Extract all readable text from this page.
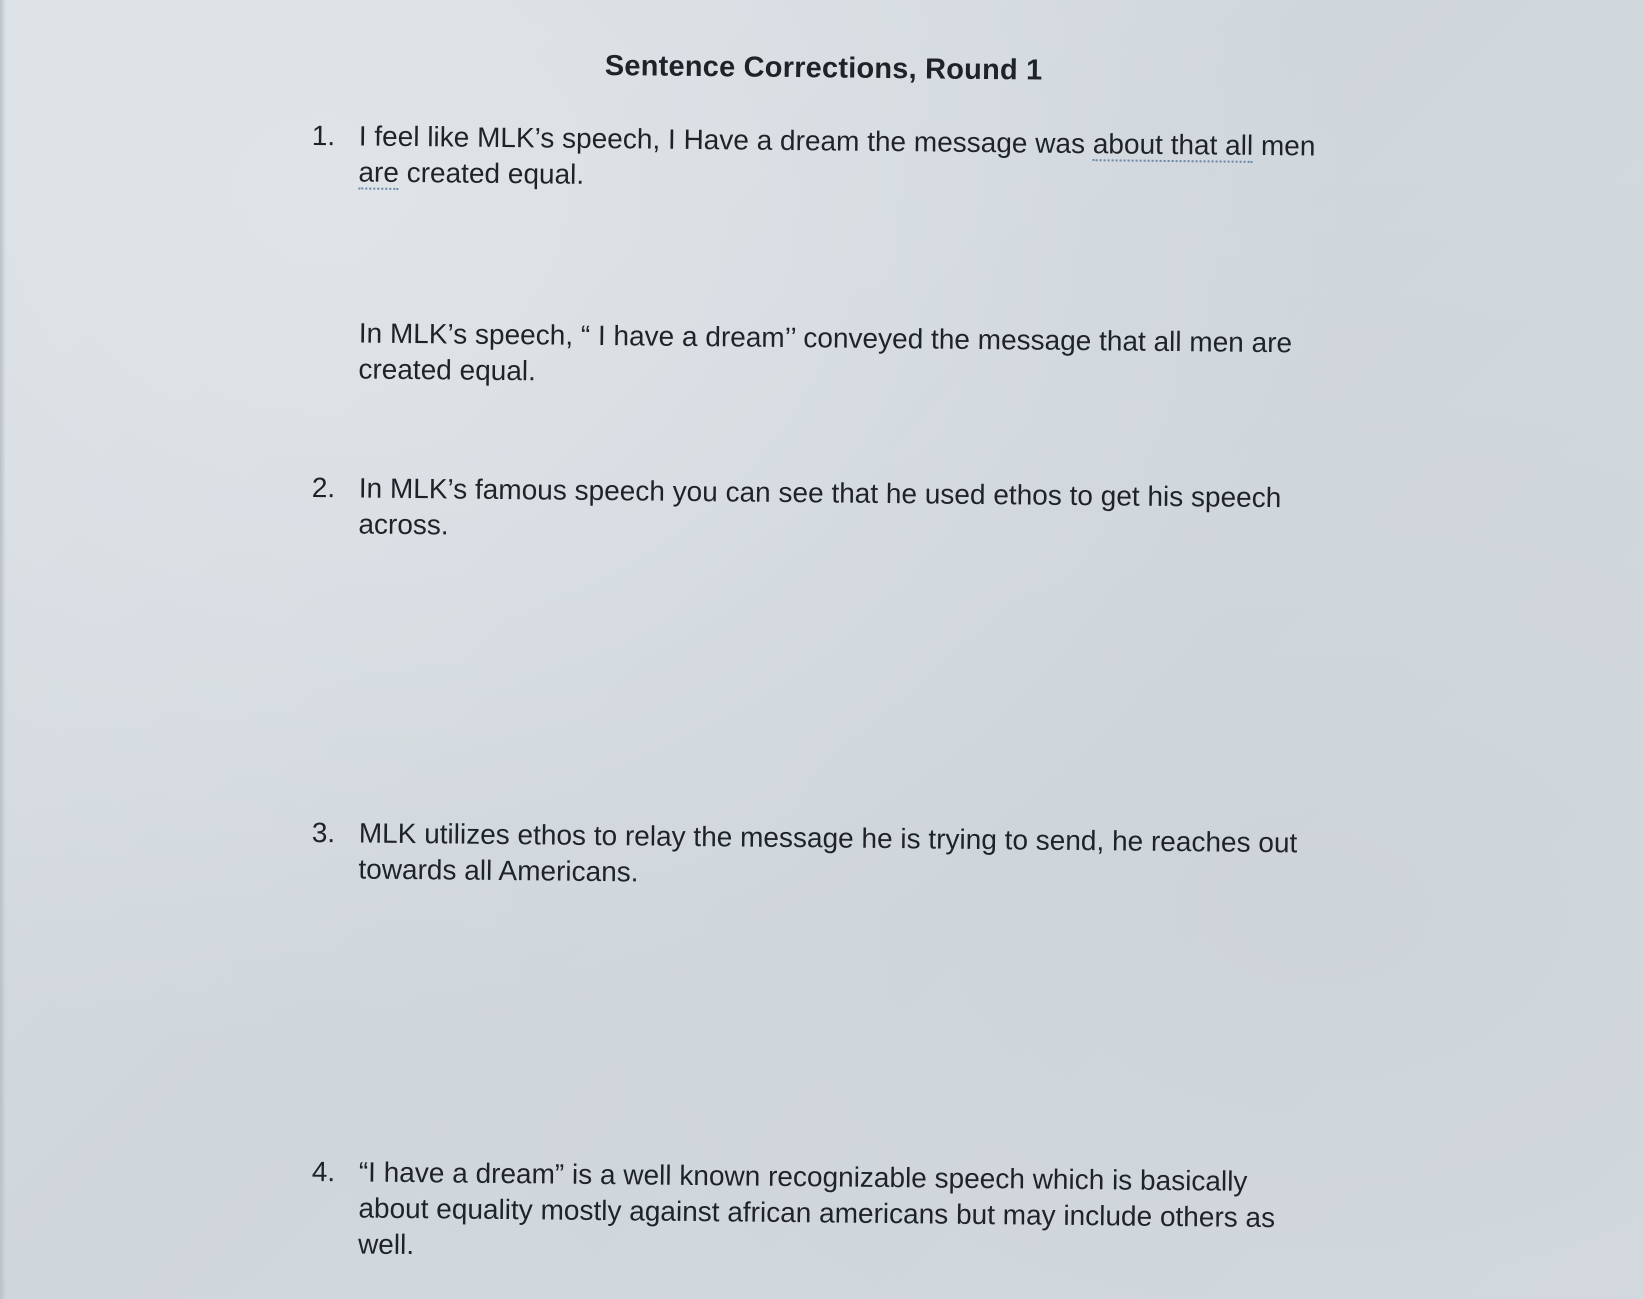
Sentence Corrections, Round 1
1. I feel like MLK’s speech, I Have a dream the message was about that all men are created equal.
In MLK’s speech, “ I have a dream’’ conveyed the message that all men are created equal.
2. In MLK’s famous speech you can see that he used ethos to get his speech across.
3. MLK utilizes ethos to relay the message he is trying to send, he reaches out towards all Americans.
4. “I have a dream” is a well known recognizable speech which is basically about equality mostly against african americans but may include others as well.
